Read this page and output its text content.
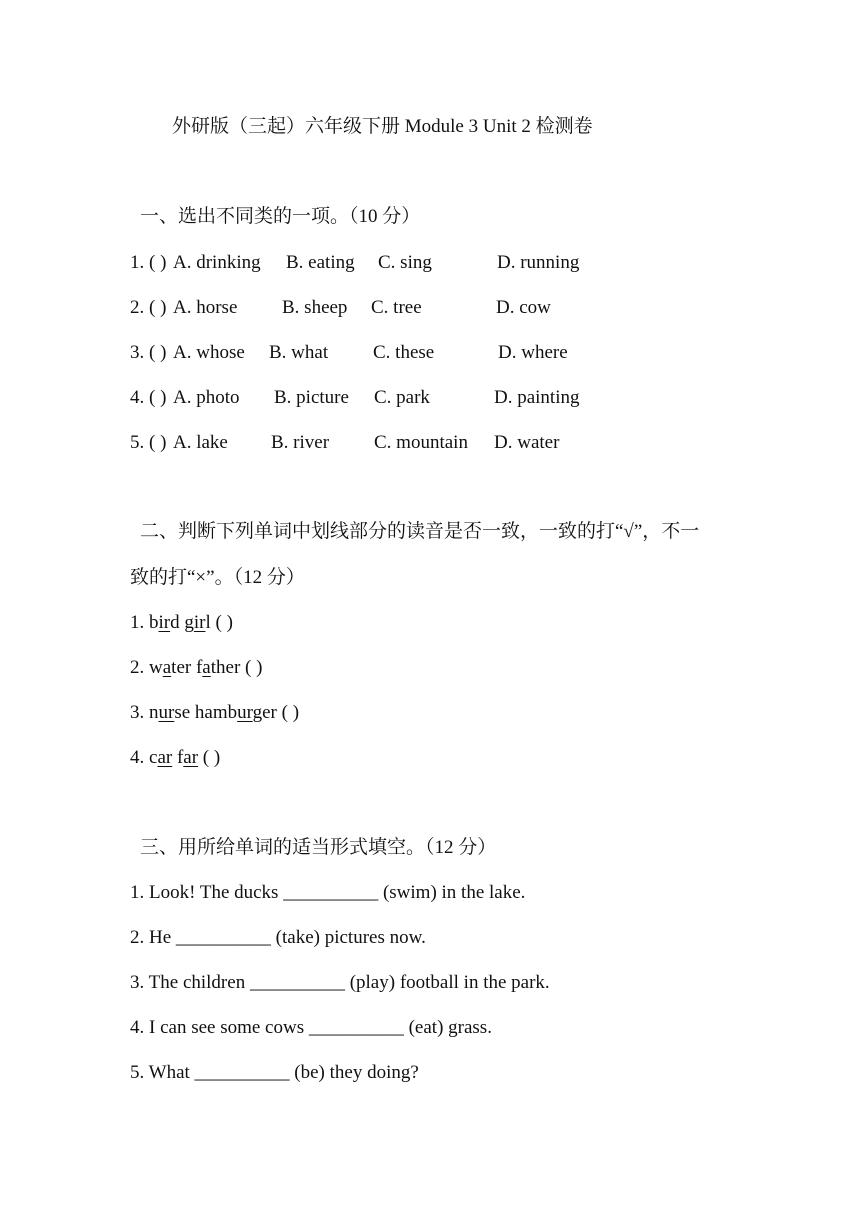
外研版（三起）六年级下册 Module 3 Unit 2 检测卷
一、选出不同类的一项。（10 分）

1. ( )

A. drinking

B. eating

C. sing

	D. running

2. ( )

A. horse

B. sheep

C. tree

	D. cow

3. ( )

A. whose

B. what

C. these

	D. where

4. ( )

A. photo

B. picture

C. park

	D. painting

5. ( )

A. lake

B. river

C. mountain

D. water

二、判断下列单词中划线部分的读音是否一致，一致的打“√”，不一
致的打“×”。（12 分）
1. bird girl ( )
2. water father ( )
3. nurse hamburger ( )
4. car far ( )
三、用所给单词的适当形式填空。（12 分）
1. Look! The ducks __________ (swim) in the lake.
2. He __________ (take) pictures now.
3. The children __________ (play) football in the park.
4. I can see some cows __________ (eat) grass.
5. What __________ (be) they doing?
